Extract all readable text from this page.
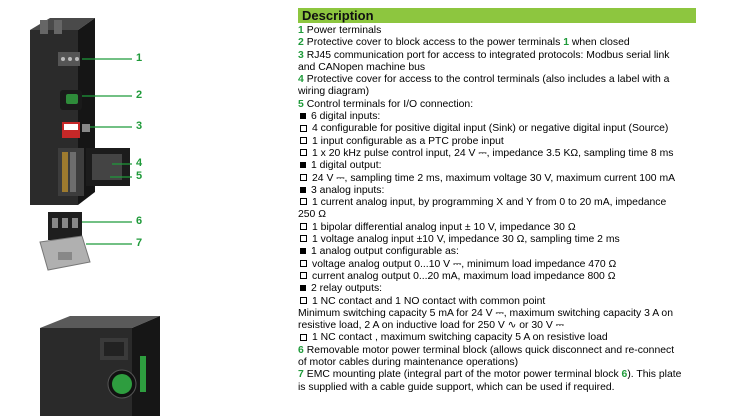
1
2
3
4
5
6
7
Description
1 Power terminals
2 Protective cover to block access to the power terminals 1 when closed
3 RJ45 communication port for access to integrated protocols: Modbus serial link
and CANopen machine bus
4 Protective cover for access to the control terminals (also includes a label with a
wiring diagram)
5 Control terminals for I/O connection:
6 digital inputs:
4 configurable for positive digital input (Sink) or negative digital input (Source)
1 input configurable as a PTC probe input
1 x 20 kHz pulse control input, 24 V ⎓, impedance 3.5 KΩ, sampling time 8 ms
1 digital output:
24 V ⎓, sampling time 2 ms, maximum voltage 30 V, maximum current 100 mA
3 analog inputs:
1 current analog input, by programming X and Y from 0 to 20 mA, impedance
250 Ω
1 bipolar differential analog input ± 10 V, impedance 30 Ω
1 voltage analog input ±10 V, impedance 30 Ω, sampling time 2 ms
1 analog output configurable as:
voltage analog output 0...10 V ⎓, minimum load impedance 470 Ω
current analog output 0...20 mA, maximum load impedance 800 Ω
2 relay outputs:
1 NC contact and 1 NO contact with common point
Minimum switching capacity 5 mA for 24 V ⎓, maximum switching capacity 3 A on
resistive load, 2 A on inductive load for 250 V ∿ or 30 V ⎓
1 NC contact , maximum switching capacity 5 A on resistive load
6 Removable motor power terminal block (allows quick disconnect and re-connect
of motor cables during maintenance operations)
7 EMC mounting plate (integral part of the motor power terminal block 6). This plate
is supplied with a cable guide support, which can be used if required.
